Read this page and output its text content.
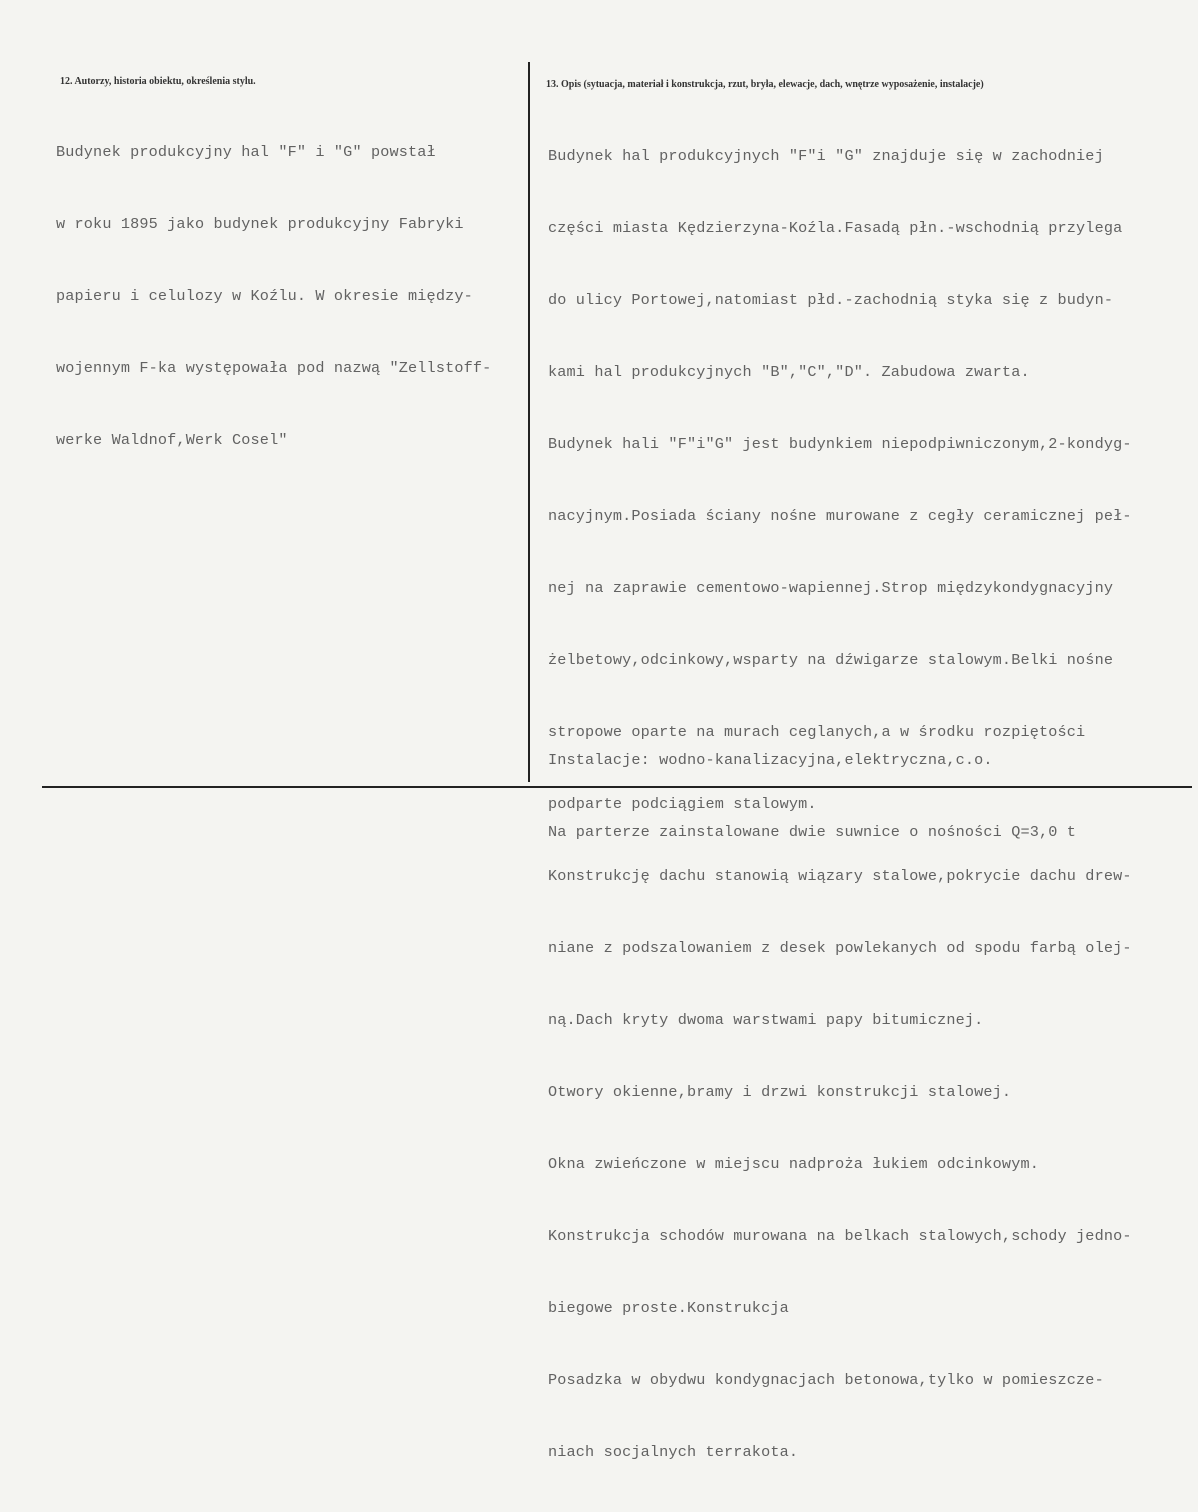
12. Autorzy, historia obiektu, określenia stylu.

Budynek produkcyjny hal "F" i "G" powstał

w roku 1895 jako budynek produkcyjny Fabryki

papieru i celulozy w Koźlu. W okresie między-

wojennym F-ka występowała pod nazwą "Zellstoff-

werke Waldnof,Werk Cosel"

13. Opis (sytuacja, materiał i konstrukcja, rzut, bryła, elewacje, dach, wnętrze wyposażenie, instalacje)

Budynek hal produkcyjnych "F"i "G" znajduje się w zachodniej

części miasta Kędzierzyna-Koźla.Fasadą płn.-wschodnią przylega

do ulicy Portowej,natomiast płd.-zachodnią styka się z budyn-

kami hal produkcyjnych "B","C","D". Zabudowa zwarta.

Budynek hali "F"i"G" jest budynkiem niepodpiwniczonym,2-kondyg-

nacyjnym.Posiada ściany nośne murowane z cegły ceramicznej peł-

nej na zaprawie cementowo-wapiennej.Strop międzykondygnacyjny

żelbetowy,odcinkowy,wsparty na dźwigarze stalowym.Belki nośne

stropowe oparte na murach ceglanych,a w środku rozpiętości

podparte podciągiem stalowym.

Konstrukcję dachu stanowią wiązary stalowe,pokrycie dachu drew-

niane z podszalowaniem z desek powlekanych od spodu farbą olej-

ną.Dach kryty dwoma warstwami papy bitumicznej.

Otwory okienne,bramy i drzwi konstrukcji stalowej.

Okna zwieńczone w miejscu nadproża łukiem odcinkowym.

Konstrukcja schodów murowana na belkach stalowych,schody jedno-

biegowe proste.Konstrukcja

Posadzka w obydwu kondygnacjach betonowa,tylko w pomieszcze-

niach socjalnych terrakota.

Instalacje: wodno-kanalizacyjna,elektryczna,c.o.

Na parterze zainstalowane dwie suwnice o nośności Q=3,0 t
